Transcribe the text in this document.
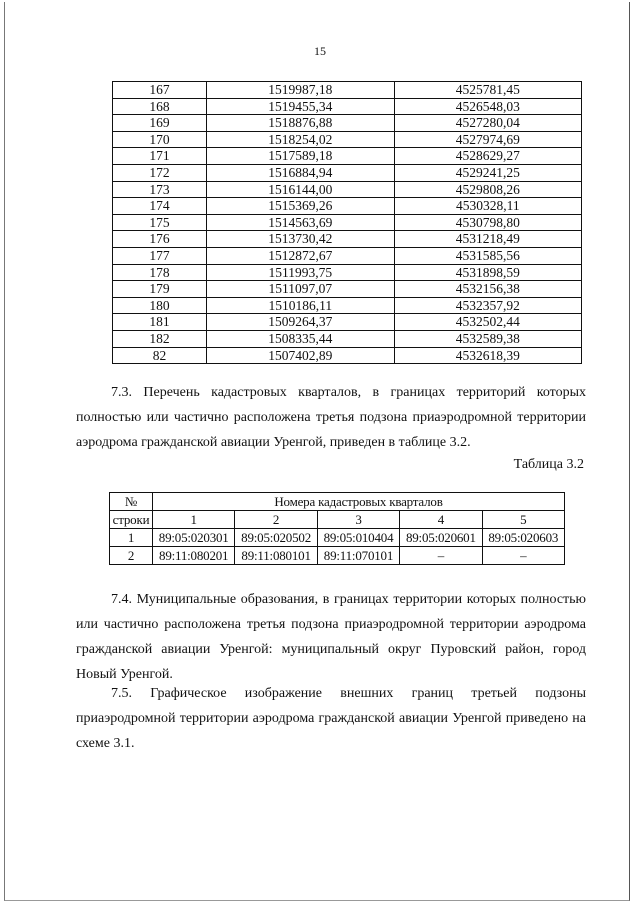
15
167	1519987,18	4525781,45
168	1519455,34	4526548,03
169	1518876,88	4527280,04
170	1518254,02	4527974,69
171	1517589,18	4528629,27
172	1516884,94	4529241,25
173	1516144,00	4529808,26
174	1515369,26	4530328,11
175	1514563,69	4530798,80
176	1513730,42	4531218,49
177	1512872,67	4531585,56
178	1511993,75	4531898,59
179	1511097,07	4532156,38
180	1510186,11	4532357,92
181	1509264,37	4532502,44
182	1508335,44	4532589,38
82	1507402,89	4532618,39
7.3. Перечень кадастровых кварталов, в границах территорий которых полностью или частично расположена третья подзона приаэродромной территории аэродрома гражданской авиации Уренгой, приведен в таблице 3.2.
Таблица 3.2
№	Номера кадастровых кварталов				
строки	1	2	3	4	5
1	89:05:020301	89:05:020502	89:05:010404	89:05:020601	89:05:020603
2	89:11:080201	89:11:080101	89:11:070101	–	–
7.4. Муниципальные образования, в границах территории которых полностью или частично расположена третья подзона приаэродромной территории аэродрома гражданской авиации Уренгой: муниципальный округ Пуровский район, город Новый Уренгой.
7.5. Графическое изображение внешних границ третьей подзоны приаэродромной территории аэродрома гражданской авиации Уренгой приведено на схеме 3.1.
